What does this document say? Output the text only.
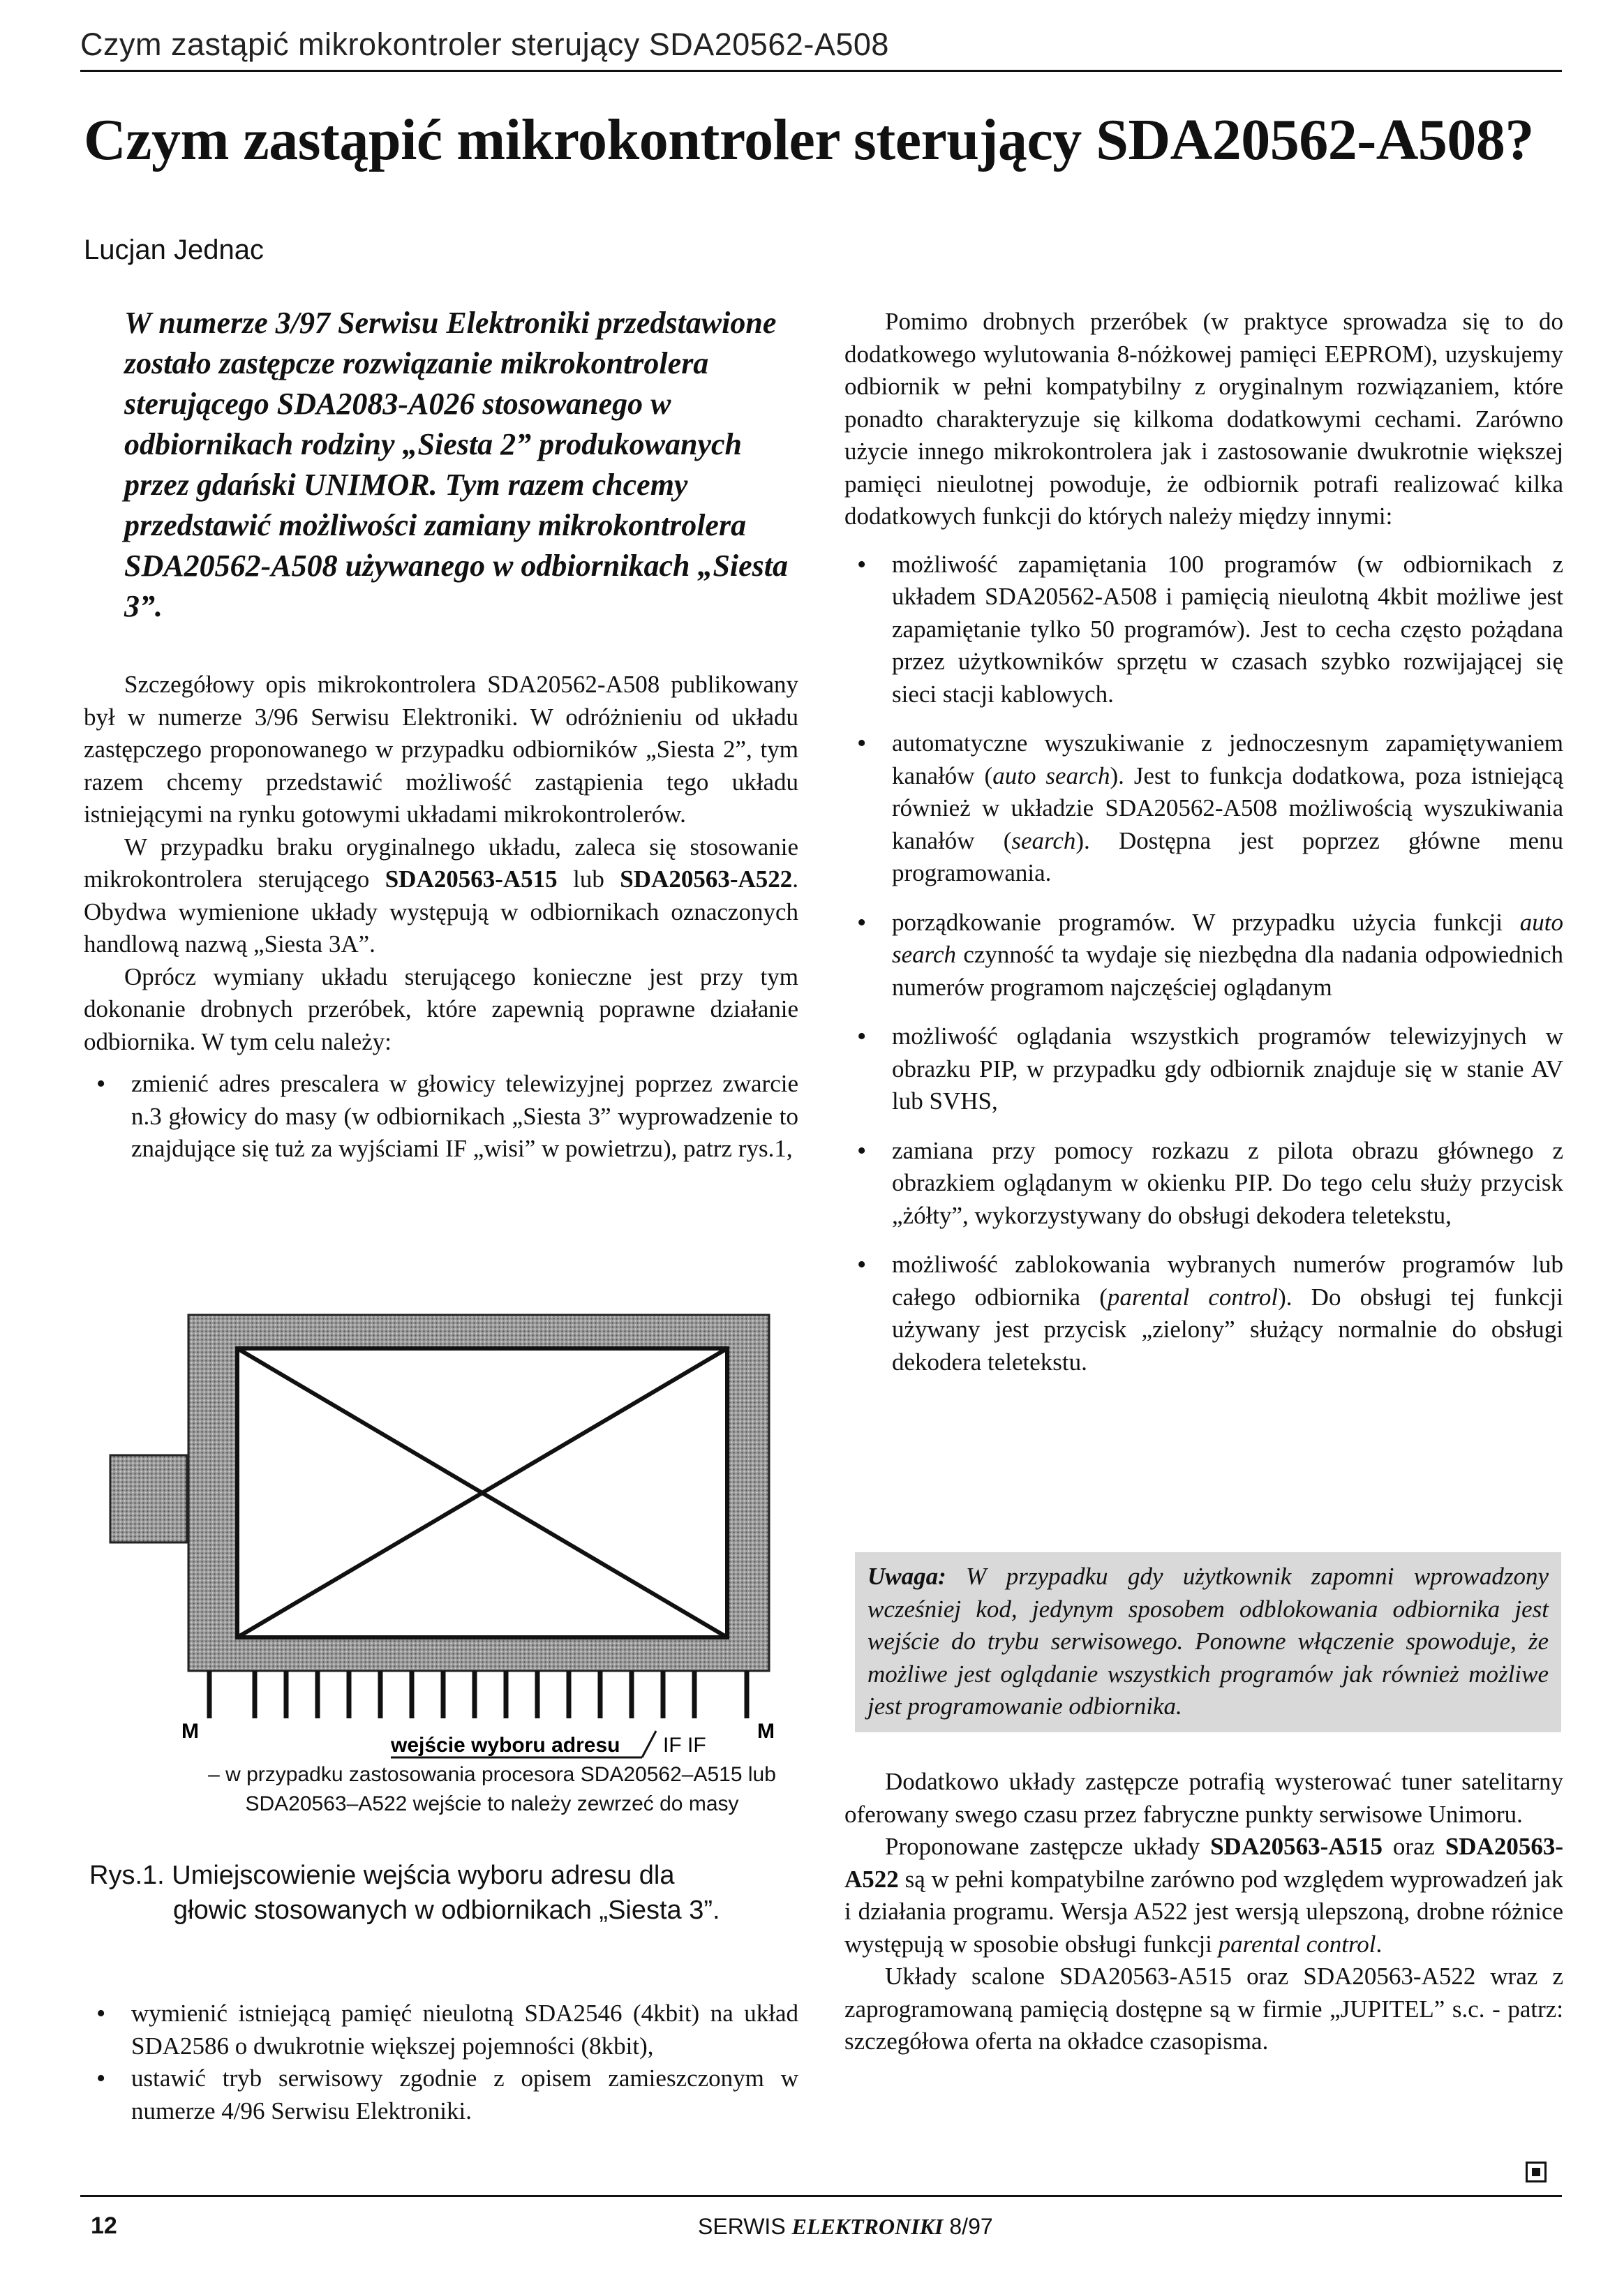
Czym zastąpić mikrokontroler sterujący SDA20562-A508
Czym zastąpić mikrokontroler sterujący SDA20562-A508?
Lucjan Jednac
W numerze 3/97 Serwisu Elektroniki przedstawione zostało zastępcze rozwiązanie mikrokontrolera sterującego SDA2083-A026 stosowanego w odbiornikach rodziny „Siesta 2” produkowanych przez gdański UNIMOR. Tym razem chcemy przedstawić możliwości zamiany mikrokontrolera SDA20562-A508 używanego w odbiornikach „Siesta 3”.

Szczegółowy opis mikrokontrolera SDA20562-A508 publikowany był w numerze 3/96 Serwisu Elektroniki. W odróżnieniu od układu zastępczego proponowanego w przypadku odbiorników „Siesta 2”, tym razem chcemy przedstawić możliwość zastąpienia tego układu istniejącymi na rynku gotowymi układami mikrokontrolerów.

W przypadku braku oryginalnego układu, zaleca się stosowanie mikrokontrolera sterującego SDA20563-A515 lub SDA20563-A522. Obydwa wymienione układy występują w odbiornikach oznaczonych handlową nazwą „Siesta 3A”.

Oprócz wymiany układu sterującego konieczne jest przy tym dokonanie drobnych przeróbek, które zapewnią poprawne działanie odbiornika. W tym celu należy:

• zmienić adres prescalera w głowicy telewizyjnej poprzez zwarcie n.3 głowicy do masy (w odbiornikach „Siesta 3” wyprowadzenie to znajdujące się tuż za wyjściami IF „wisi” w powietrzu), patrz rys.1,
M	M
wejście wyboru adresu IF IF
– w przypadku zastosowania procesora SDA20562–A515 lub SDA20563–A522 wejście to należy zewrzeć do masy
Rys.1. Umiejscowienie wejścia wyboru adresu dla
głowic stosowanych w odbiornikach „Siesta 3”.
• wymienić istniejącą pamięć nieulotną SDA2546 (4kbit) na układ SDA2586 o dwukrotnie większej pojemności (8kbit),
• ustawić tryb serwisowy zgodnie z opisem zamieszczonym w numerze 4/96 Serwisu Elektroniki.

Pomimo drobnych przeróbek (w praktyce sprowadza się to do dodatkowego wylutowania 8-nóżkowej pamięci EEPROM), uzyskujemy odbiornik w pełni kompatybilny z oryginalnym rozwiązaniem, które ponadto charakteryzuje się kilkoma dodatkowymi cechami. Zarówno użycie innego mikrokontrolera jak i zastosowanie dwukrotnie większej pamięci nieulotnej powoduje, że odbiornik potrafi realizować kilka dodatkowych funkcji do których należy między innymi:

• możliwość zapamiętania 100 programów (w odbiornikach z układem SDA20562-A508 i pamięcią nieulotną 4kbit możliwe jest zapamiętanie tylko 50 programów). Jest to cecha często pożądana przez użytkowników sprzętu w czasach szybko rozwijającej się sieci stacji kablowych.
• automatyczne wyszukiwanie z jednoczesnym zapamiętywaniem kanałów (auto search). Jest to funkcja dodatkowa, poza istniejącą również w układzie SDA20562-A508 możliwością wyszukiwania kanałów (search). Dostępna jest poprzez główne menu programowania.
• porządkowanie programów. W przypadku użycia funkcji auto search czynność ta wydaje się niezbędna dla nadania odpowiednich numerów programom najczęściej oglądanym
• możliwość oglądania wszystkich programów telewizyjnych w obrazku PIP, w przypadku gdy odbiornik znajduje się w stanie AV lub SVHS,
• zamiana przy pomocy rozkazu z pilota obrazu głównego z obrazkiem oglądanym w okienku PIP. Do tego celu służy przycisk „żółty”, wykorzystywany do obsługi dekodera teletekstu,
• możliwość zablokowania wybranych numerów programów lub całego odbiornika (parental control). Do obsługi tej funkcji używany jest przycisk „zielony” służący normalnie do obsługi dekodera teletekstu.
Uwaga: W przypadku gdy użytkownik zapomni wprowadzony wcześniej kod, jedynym sposobem odblokowania odbiornika jest wejście do trybu serwisowego. Ponowne włączenie spowoduje, że możliwe jest oglądanie wszystkich programów jak również możliwe jest programowanie odbiornika.

Dodatkowo układy zastępcze potrafią wysterować tuner satelitarny oferowany swego czasu przez fabryczne punkty serwisowe Unimoru.

Proponowane zastępcze układy SDA20563-A515 oraz SDA20563-A522 są w pełni kompatybilne zarówno pod względem wyprowadzeń jak i działania programu. Wersja A522 jest wersją ulepszoną, drobne różnice występują w sposobie obsługi funkcji parental control.

Układy scalone SDA20563-A515 oraz SDA20563-A522 wraz z zaprogramowaną pamięcią dostępne są w firmie „JUPITEL” s.c. - patrz: szczegółowa oferta na okładce czasopisma.

12	SERWIS ELEKTRONIKI 8/97
